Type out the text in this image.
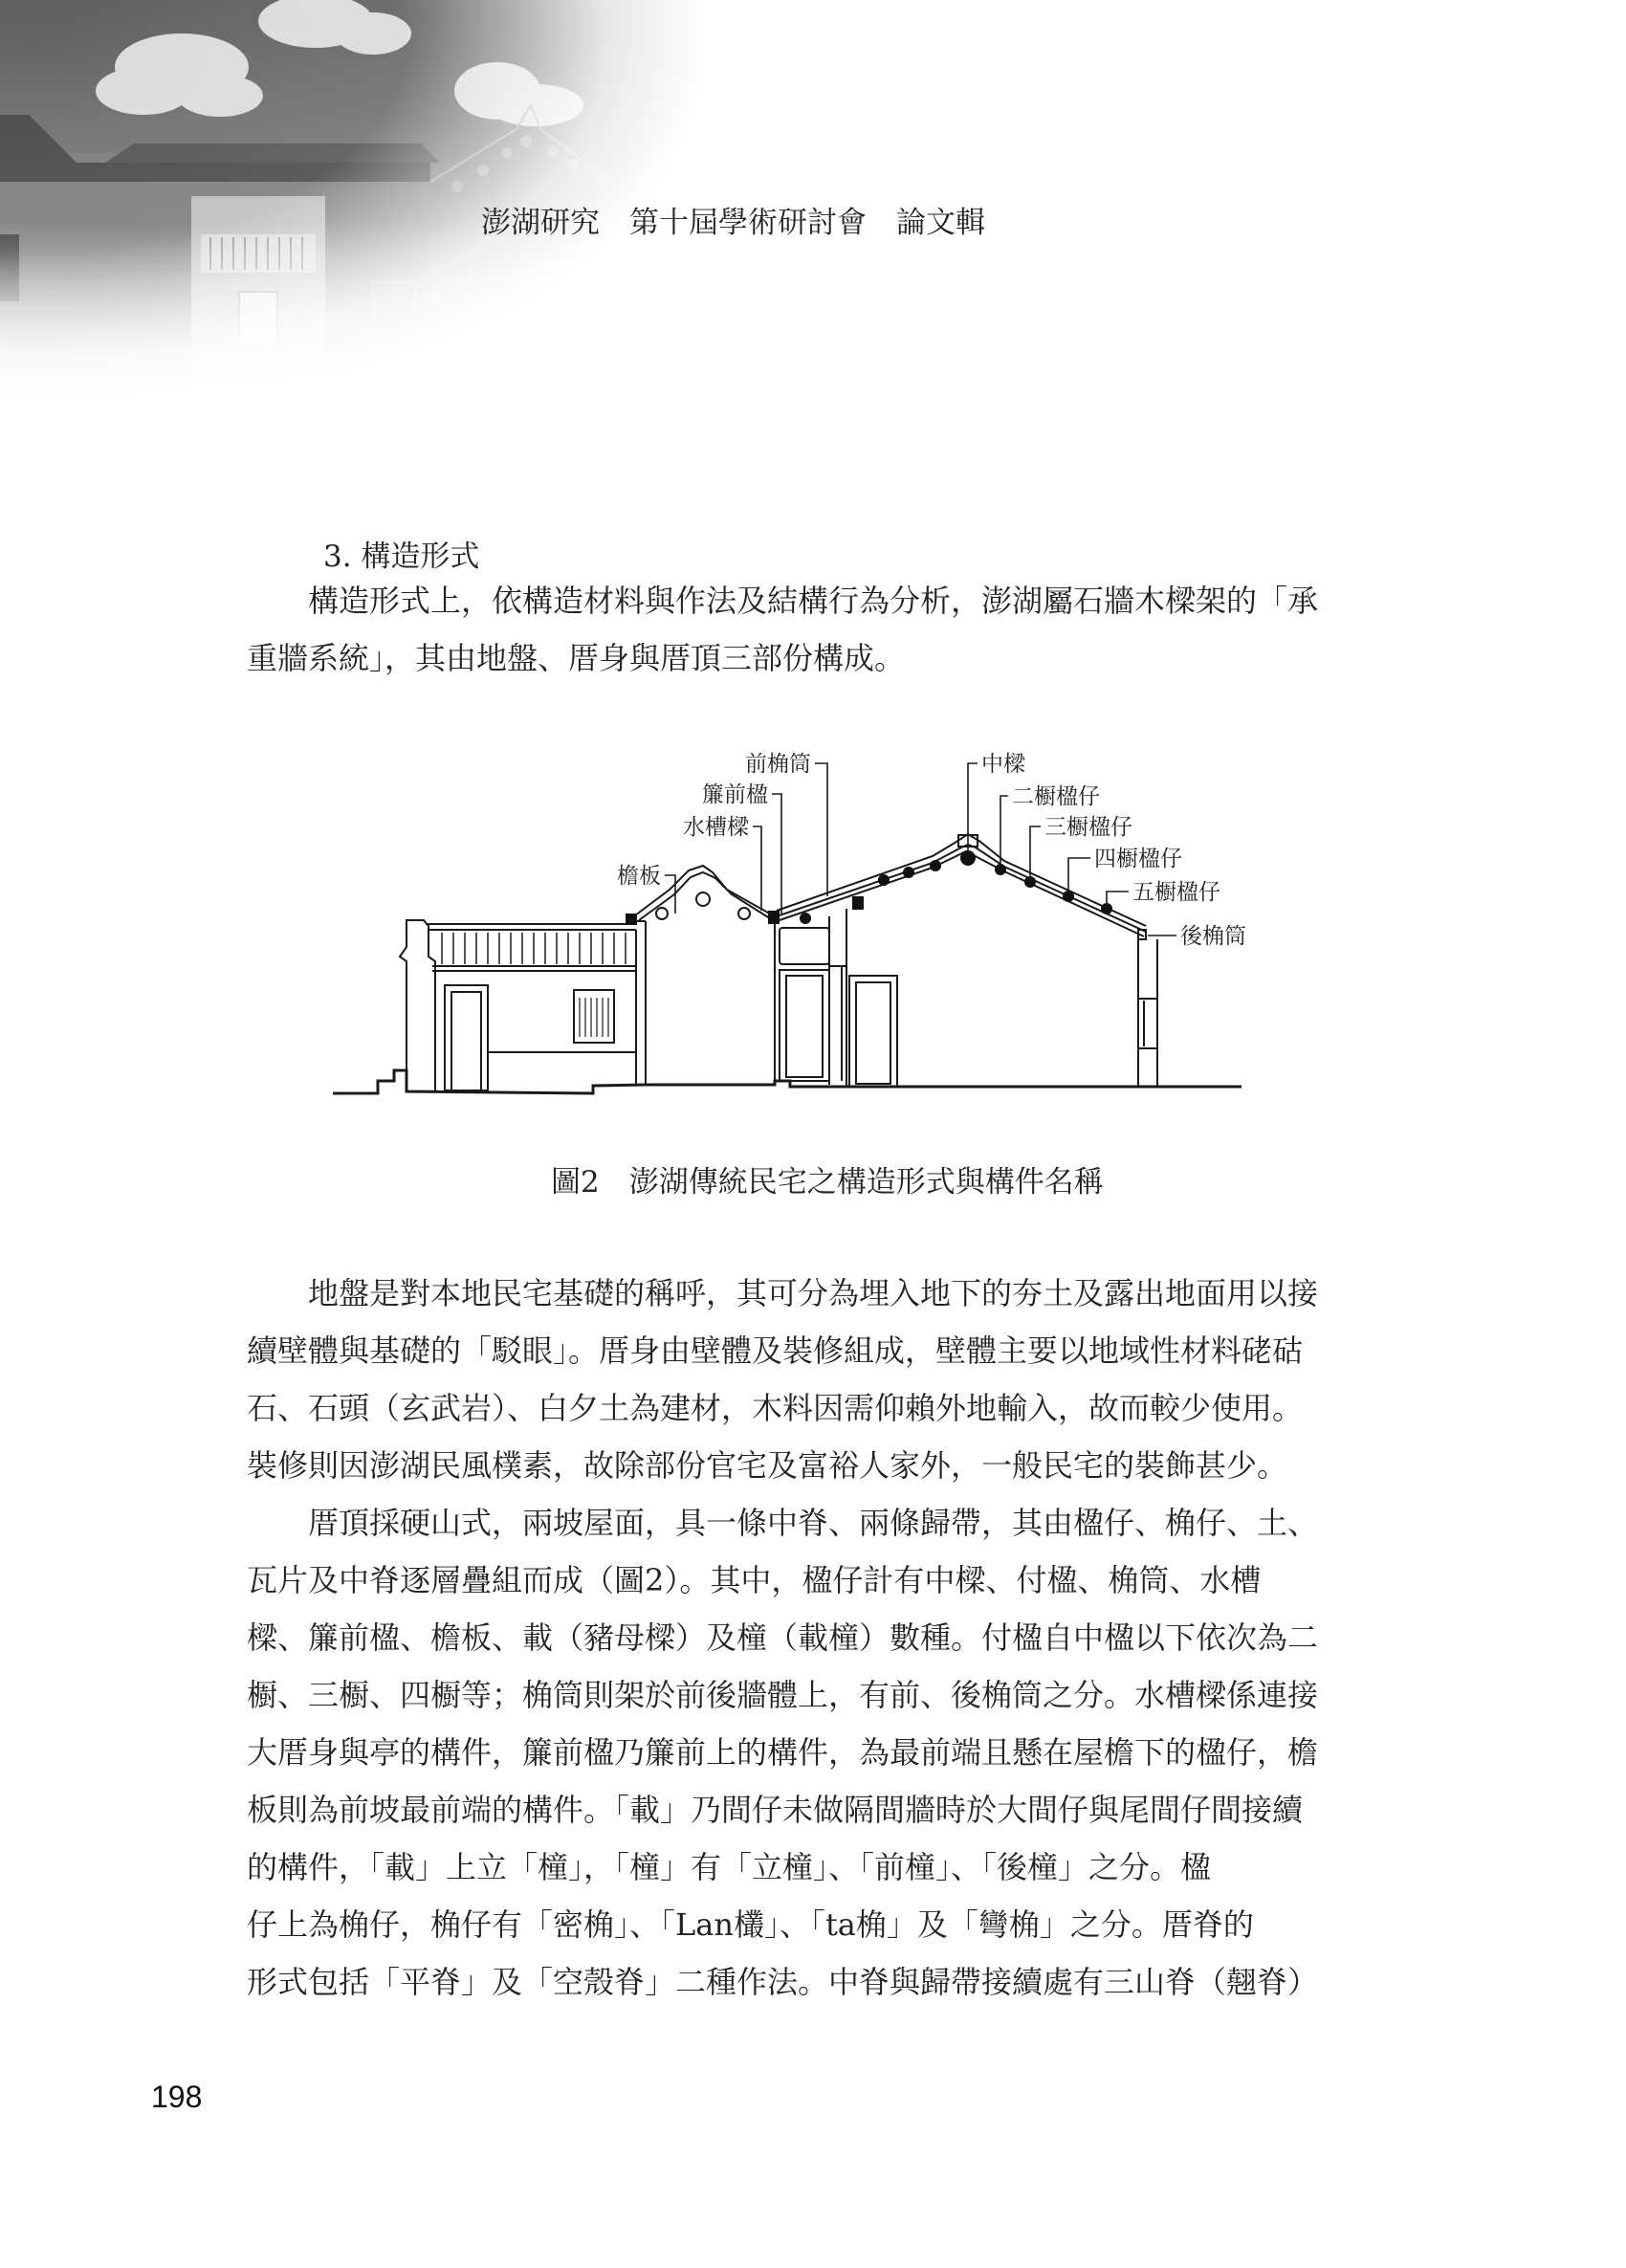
澎湖研究　第十屆學術研討會　論文輯
3. 構造形式
構造形式上，依構造材料與作法及結構行為分析，澎湖屬石牆木樑架的「承
重牆系統」，其由地盤、厝身與厝頂三部份構成。
前桷筒
簾前楹
水槽樑
檐板
中樑
二櫉楹仔
三櫉楹仔
四櫉楹仔
五櫉楹仔
後桷筒
圖2　澎湖傳統民宅之構造形式與構件名稱
地盤是對本地民宅基礎的稱呼，其可分為埋入地下的夯土及露出地面用以接
續壁體與基礎的「駁眼」。厝身由壁體及裝修組成，壁體主要以地域性材料硓𥑮
石、石頭（玄武岩）、白夕土為建材，木料因需仰賴外地輸入，故而較少使用。
裝修則因澎湖民風樸素，故除部份官宅及富裕人家外，一般民宅的裝飾甚少。
厝頂採硬山式，兩坡屋面，具一條中脊、兩條歸帶，其由楹仔、桷仔、土、
瓦片及中脊逐層疊組而成（圖2）。其中，楹仔計有中樑、付楹、桷筒、水槽
樑、簾前楹、檐板、載（豬母樑）及橦（載橦）數種。付楹自中楹以下依次為二
櫉、三櫉、四櫉等；桷筒則架於前後牆體上，有前、後桷筒之分。水槽樑係連接
大厝身與亭的構件，簾前楹乃簾前上的構件，為最前端且懸在屋檐下的楹仔，檐
板則為前坡最前端的構件。「載」乃間仔未做隔間牆時於大間仔與尾間仔間接續
的構件，「載」上立「橦」，「橦」有「立橦」、「前橦」、「後橦」之分。楹
仔上為桷仔，桷仔有「密桷」、「Lan欉」、「ta桷」及「彎桷」之分。厝脊的
形式包括「平脊」及「空殼脊」二種作法。中脊與歸帶接續處有三山脊（翹脊）
198
